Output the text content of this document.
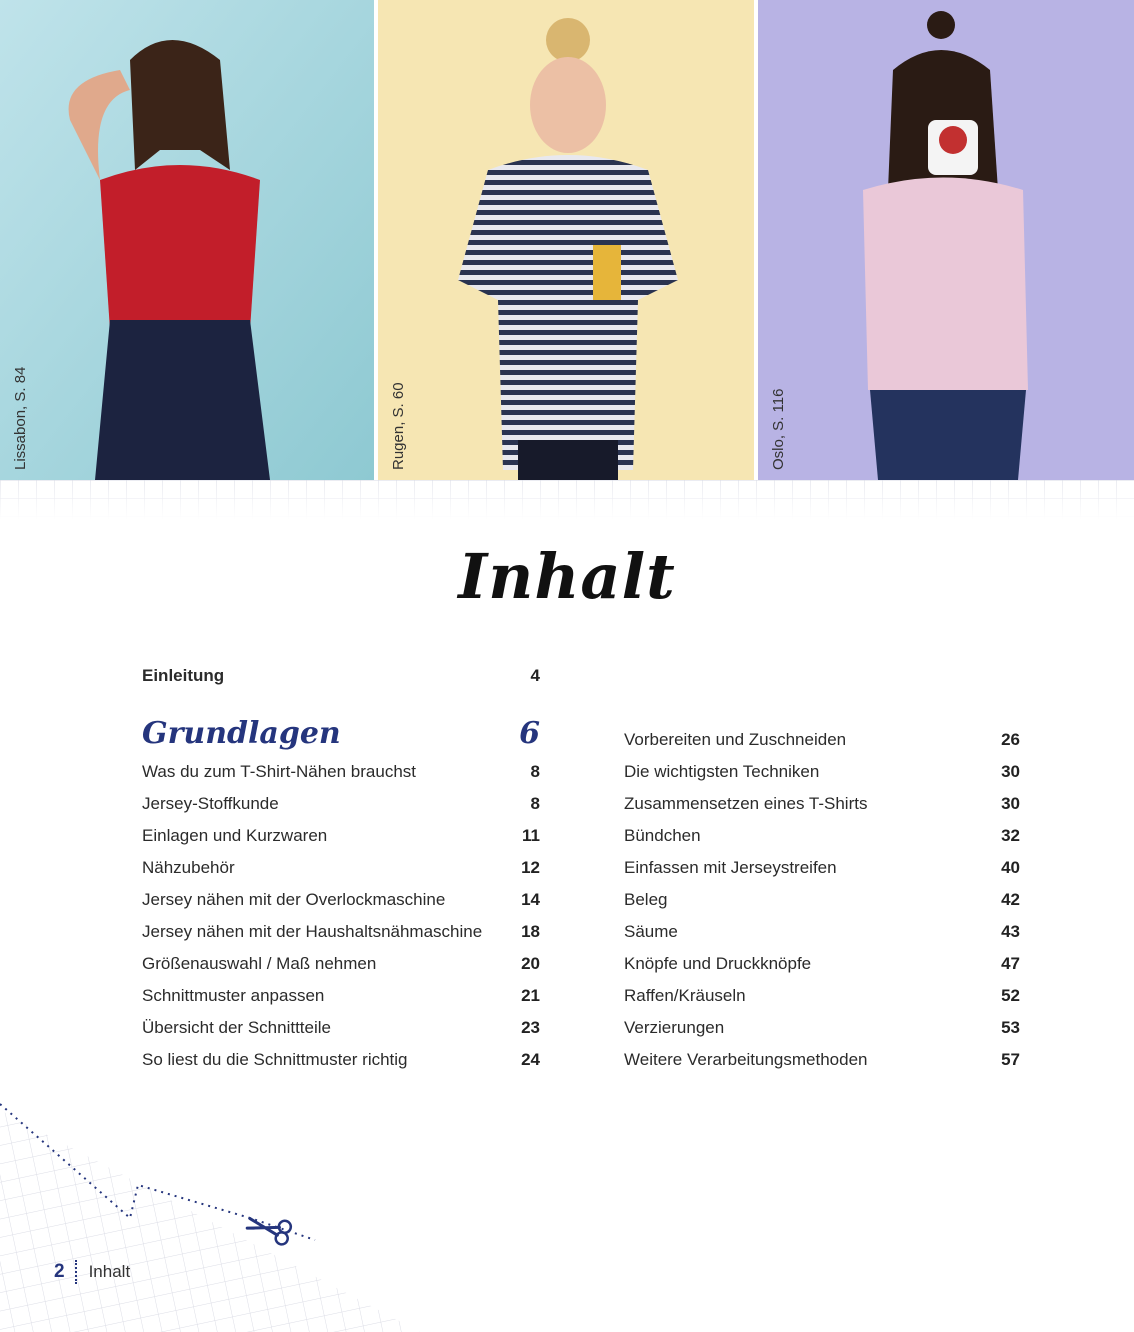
Lissabon, S. 84	Rugen, S. 60	Oslo, S. 116
Inhalt
Einleitung	4
Grundlagen	6
Was du zum T-Shirt-Nähen brauchst	8
Jersey-Stoffkunde	8
Einlagen und Kurzwaren	11
Nähzubehör	12
Jersey nähen mit der Overlockmaschine	14
Jersey nähen mit der Haushaltsnähmaschine 18
Größenauswahl / Maß nehmen	20
Schnittmuster anpassen	21
Übersicht der Schnittteile	23
So liest du die Schnittmuster richtig	24
Vorbereiten und Zuschneiden	26
Die wichtigsten Techniken	30
Zusammensetzen eines T-Shirts	30
Bündchen	32
Einfassen mit Jerseystreifen	40
Beleg	42
Säume	43
Knöpfe und Druckknöpfe	47
Raffen/Kräuseln	52
Verzierungen	53
Weitere Verarbeitungsmethoden	57
2 Inhalt
